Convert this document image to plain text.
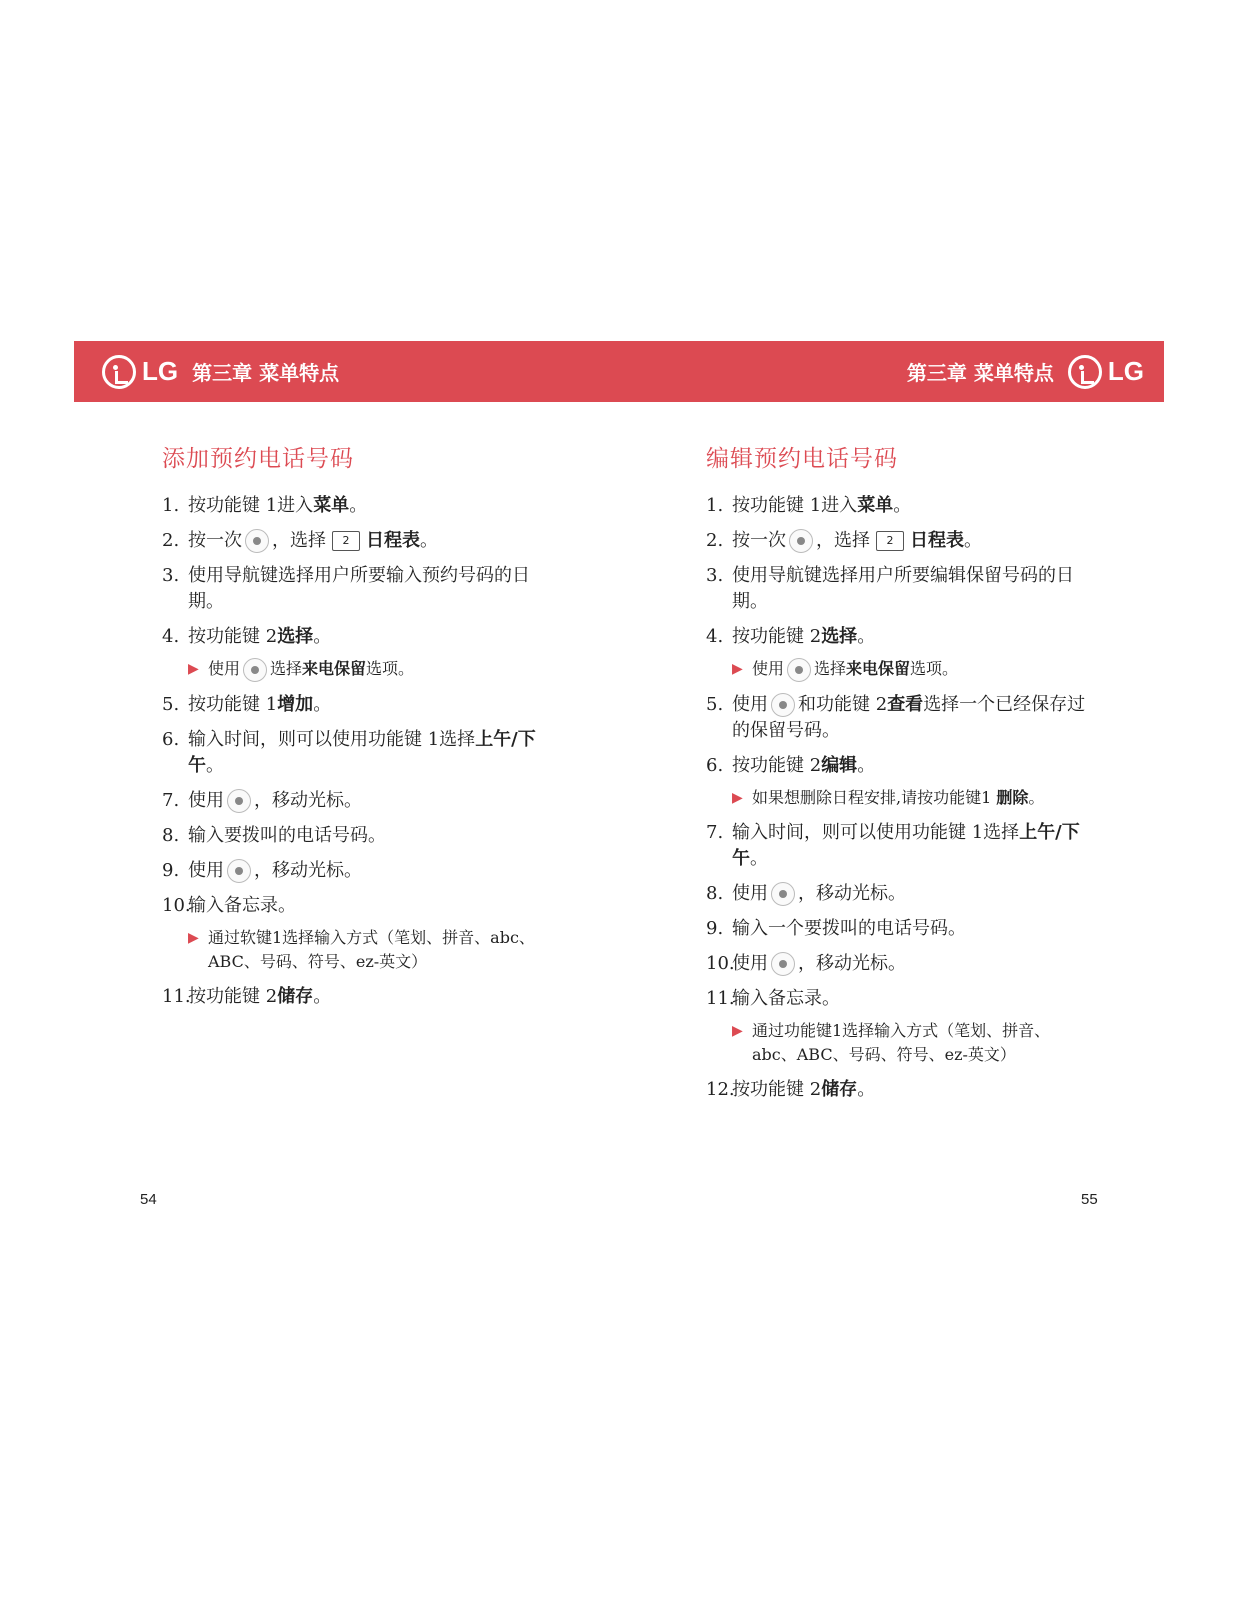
LG 第三章 菜单特点	第三章 菜单特点 LG
添加预约电话号码
1. 按功能键 1进入菜单。
2. 按一次 ，选择 2 日程表。
3. 使用导航键选择用户所要输入预约号码的日期。
4. 按功能键 2选择。
▶ 使用 选择来电保留选项。
5. 按功能键 1增加。
6. 输入时间，则可以使用功能键 1选择上午/下午。
7. 使用 ，移动光标。
8. 输入要拨叫的电话号码。
9. 使用 ，移动光标。
10.
输入备忘录。
▶ 通过软键1选择输入方式（笔划、拼音、abc、ABC、号码、符号、ez-英文）
11.
按功能键 2储存。
编辑预约电话号码
1. 按功能键 1进入菜单。
2. 按一次 ，选择 2 日程表。
3. 使用导航键选择用户所要编辑保留号码的日期。
4. 按功能键 2选择。
▶ 使用 选择来电保留选项。
5. 使用 和功能键 2查看选择一个已经保存过的保留号码。
6. 按功能键 2编辑。
▶ 如果想删除日程安排,请按功能键1 删除。
7. 输入时间，则可以使用功能键 1选择上午/下午。
8. 使用 ，移动光标。
9. 输入一个要拨叫的电话号码。
10.
使用 ，移动光标。
11.
输入备忘录。
▶ 通过功能键1选择输入方式（笔划、拼音、abc、ABC、号码、符号、ez-英文）
12.
按功能键 2储存。
54	55
